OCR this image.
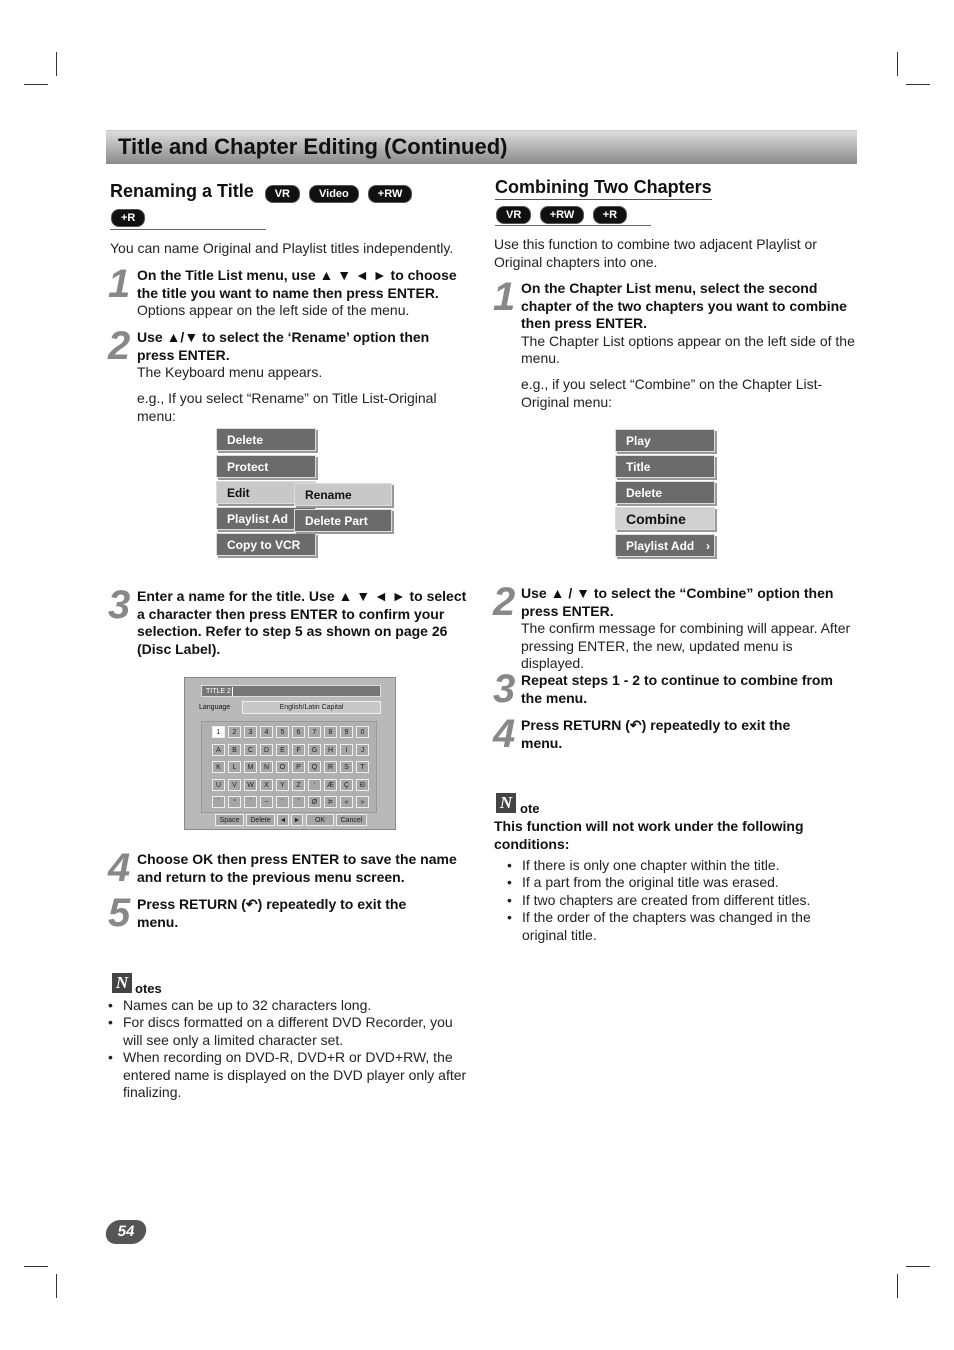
Title and Chapter Editing (Continued)
Renaming a Title VR	Video	+RW
+R
You can name Original and Playlist titles independently.
1 On the Title List menu, use ▲ ▼ ◄ ► to choose the title you want to name then press ENTER.
Options appear on the left side of the menu.
2 Use ▲/▼ to select the ‘Rename’ option then press ENTER.
The Keyboard menu appears.
e.g., If you select “Rename” on Title List-Original menu:
Delete
Protect
Edit
Playlist Ad
Copy to VCR
Rename
Delete Part
3 Enter a name for the title. Use ▲ ▼ ◄ ► to select a character then press ENTER to confirm your selection. Refer to step 5 as shown on page 26 (Disc Label).
TITLE 2
Language	English/Latin Capital
1	2	3	4	5	6	7	8	9	0
A	B	C	D	E	F	G	H	I	J
K	L	M	N	O	P	Q	R	S	T
U	V	W	X	Y	Z	‘	Æ	Ç	Đ
´	°	`	~	¨	ˆ	Ø	Þ	«	»
Space	Delete	◄	►	OK	Cancel
4 Choose OK then press ENTER to save the name and return to the previous menu screen.
5 Press RETURN (↶) repeatedly to exit the menu.
N otes
• Names can be up to 32 characters long.
• For discs formatted on a different DVD Recorder, you will see only a limited character set.
• When recording on DVD-R, DVD+R or DVD+RW, the entered name is displayed on the DVD player only after finalizing.
Combining Two Chapters
VR	+RW	+R
Use this function to combine two adjacent Playlist or Original chapters into one.
1 On the Chapter List menu, select the second chapter of the two chapters you want to combine then press ENTER.
The Chapter List options appear on the left side of the menu.
e.g., if you select “Combine” on the Chapter List-Original menu:
Play
Title
Delete
Combine
Playlist Add ›
2 Use ▲ / ▼ to select the “Combine” option then press ENTER.
The confirm message for combining will appear. After pressing ENTER, the new, updated menu is displayed.
3 Repeat steps 1 - 2 to continue to combine from the menu.
4 Press RETURN (↶) repeatedly to exit the menu.
N ote
This function will not work under the following conditions:
• If there is only one chapter within the title.
• If a part from the original title was erased.
• If two chapters are created from different titles.
• If the order of the chapters was changed in the original title.
54
